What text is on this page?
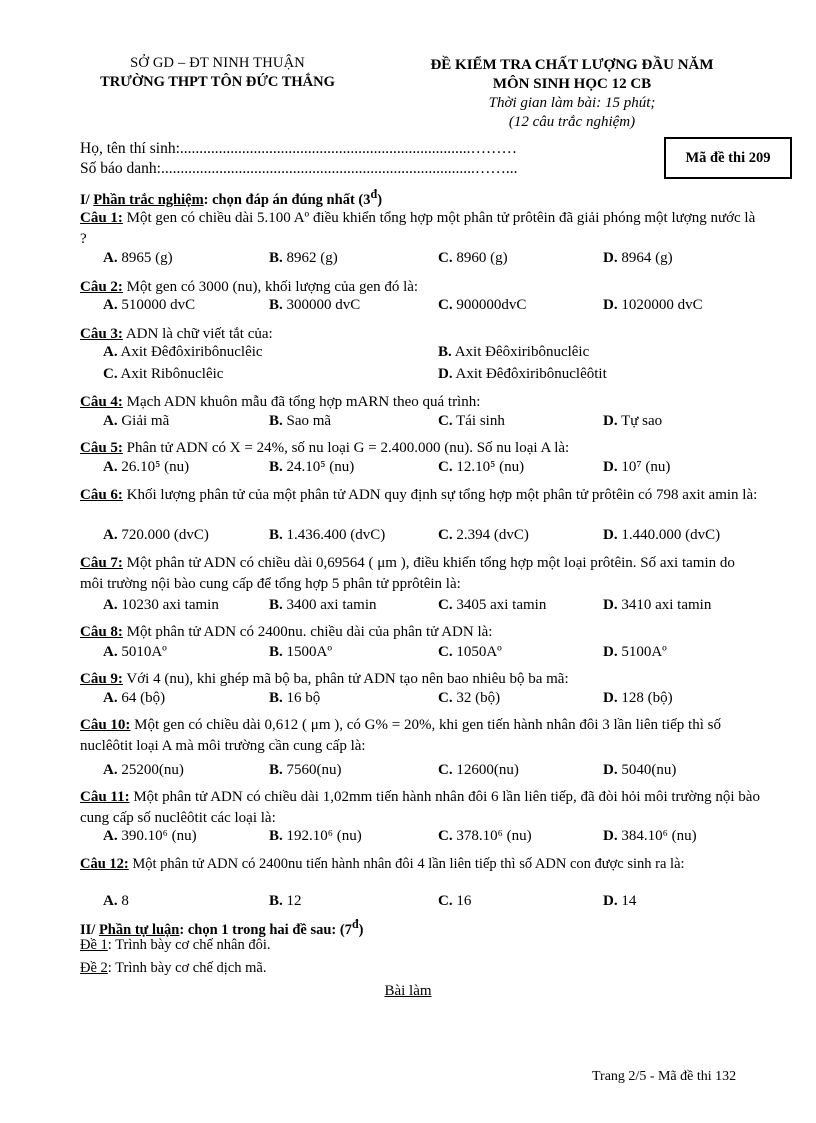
SỞ GD – ĐT NINH THUẬN
TRƯỜNG THPT TÔN ĐỨC THẮNG
ĐỀ KIỂM TRA CHẤT LƯỢNG ĐẦU NĂM
MÔN SINH HỌC 12 CB
Thời gian làm bài: 15 phút;
(12 câu trắc nghiệm)
Họ, tên thí sinh:...........................................................................………
Số báo danh:.................................................................................……...
Mã đề thi 209
I/ Phần trắc nghiệm: chọn đáp án đúng nhất $(3^đ)$
Câu 1: Một gen có chiều dài 5.100 Aº điều khiển tổng hợp một phân tử prôtêin đã giải phóng một lượng nước là ?
A. 8965 (g)	B. 8962 (g)	C. 8960 (g)	D. 8964 (g)
Câu 2: Một gen có 3000 (nu), khối lượng của gen đó là:
A. 510000 dvC	B. 300000 dvC	C. 900000dvC	D. 1020000 dvC
Câu 3: ADN là chữ viết tắt của:
A. Axit Đêđôxiribônuclêic	B. Axit Đêôxiribônuclêic
C. Axit Ribônuclêic	D. Axit Đêđôxiribônuclêôtit
Câu 4: Mạch ADN khuôn mẫu đã tổng hợp mARN theo quá trình:
A. Giải mã	B. Sao mã	C. Tái sinh	D. Tự sao
Câu 5: Phân tử ADN có X = 24%, số nu loại G = 2.400.000 (nu). Số nu loại A là:
A. 26.10⁵ (nu)	B. 24.10⁵ (nu)	C. 12.10⁵ (nu)	D. 10⁷ (nu)
Câu 6: Khối lượng phân tử của một phân tử ADN quy định sự tổng hợp một phân tử prôtêin có 798 axit amin là:
A. 720.000 (dvC)	B. 1.436.400 (dvC)	C. 2.394 (dvC)	D. 1.440.000 (dvC)
Câu 7: Một phân tử ADN có chiều dài 0,69564 ( μm ), điều khiển tổng hợp một loại prôtêin. Số axi tamin do môi trường nội bào cung cấp để tổng hợp 5 phân tử pprôtêin là:
A. 10230 axi tamin	B. 3400 axi tamin	C. 3405 axi tamin	D. 3410 axi tamin
Câu 8: Một phân tử ADN có 2400nu. chiều dài của phân tử ADN là:
A. 5010Aº	B. 1500Aº	C. 1050Aº	D. 5100Aº
Câu 9: Với 4 (nu), khi ghép mã bộ ba, phân tử ADN tạo nên bao nhiêu bộ ba mã:
A. 64 (bộ)	B. 16 bộ	C. 32 (bộ)	D. 128 (bộ)
Câu 10: Một gen có chiều dài 0,612 ( μm ), có G% = 20%, khi gen tiến hành nhân đôi 3 lần liên tiếp thì số nuclêôtit loại A mà môi trường cần cung cấp là:
A. 25200(nu)	B. 7560(nu)	C. 12600(nu)	D. 5040(nu)
Câu 11: Một phân tử ADN có chiều dài 1,02mm tiến hành nhân đôi 6 lần liên tiếp, đã đòi hỏi môi trường nội bào cung cấp số nuclêôtit các loại là:
A. 390.10⁶ (nu)	B. 192.10⁶ (nu)	C. 378.10⁶ (nu)	D. 384.10⁶ (nu)
Câu 12: Một phân tử ADN có 2400nu tiến hành nhân đôi 4 lần liên tiếp thì số ADN con được sinh ra là:
A. 8	B. 12	C. 16	D. 14
II/ Phần tự luận: chọn 1 trong hai đề sau: $(7^đ)$
Đề 1: Trình bày cơ chế nhân đôi.
Đề 2: Trình bày cơ chế dịch mã.
Bài làm
Trang 2/5 - Mã đề thi 132
